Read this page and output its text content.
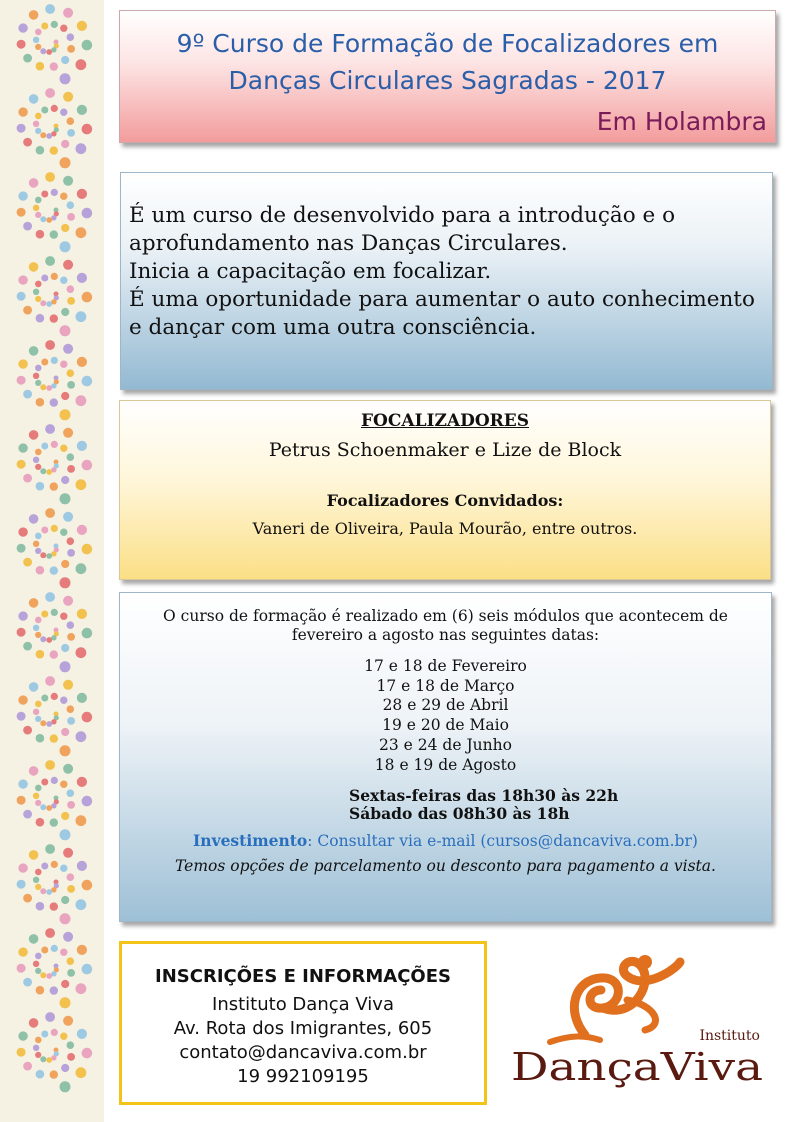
9º Curso de Formação de Focalizadores em
Danças Circulares Sagradas - 2017
Em Holambra
É um curso de desenvolvido para a introdução e o
aprofundamento nas Danças Circulares.
Inicia a capacitação em focalizar.
É uma oportunidade para aumentar o auto conhecimento
e dançar com uma outra consciência.
FOCALIZADORES
Petrus Schoenmaker e Lize de Block
Focalizadores Convidados:
Vaneri de Oliveira, Paula Mourão, entre outros.
O curso de formação é realizado em (6) seis módulos que acontecem de
fevereiro a agosto nas seguintes datas:
17 e 18 de Fevereiro
17 e 18 de Março
28 e 29 de Abril
19 e 20 de Maio
23 e 24 de Junho
18 e 19 de Agosto
Sextas-feiras das 18h30 às 22h
Sábado das 08h30 às 18h
Investimento: Consultar via e-mail (cursos@dancaviva.com.br)
Temos opções de parcelamento ou desconto para pagamento a vista.
INSCRIÇÕES E INFORMAÇÕES
Instituto Dança Viva
Av. Rota dos Imigrantes, 605
contato@dancaviva.com.br
19 992109195
Instituto
DançaViva
